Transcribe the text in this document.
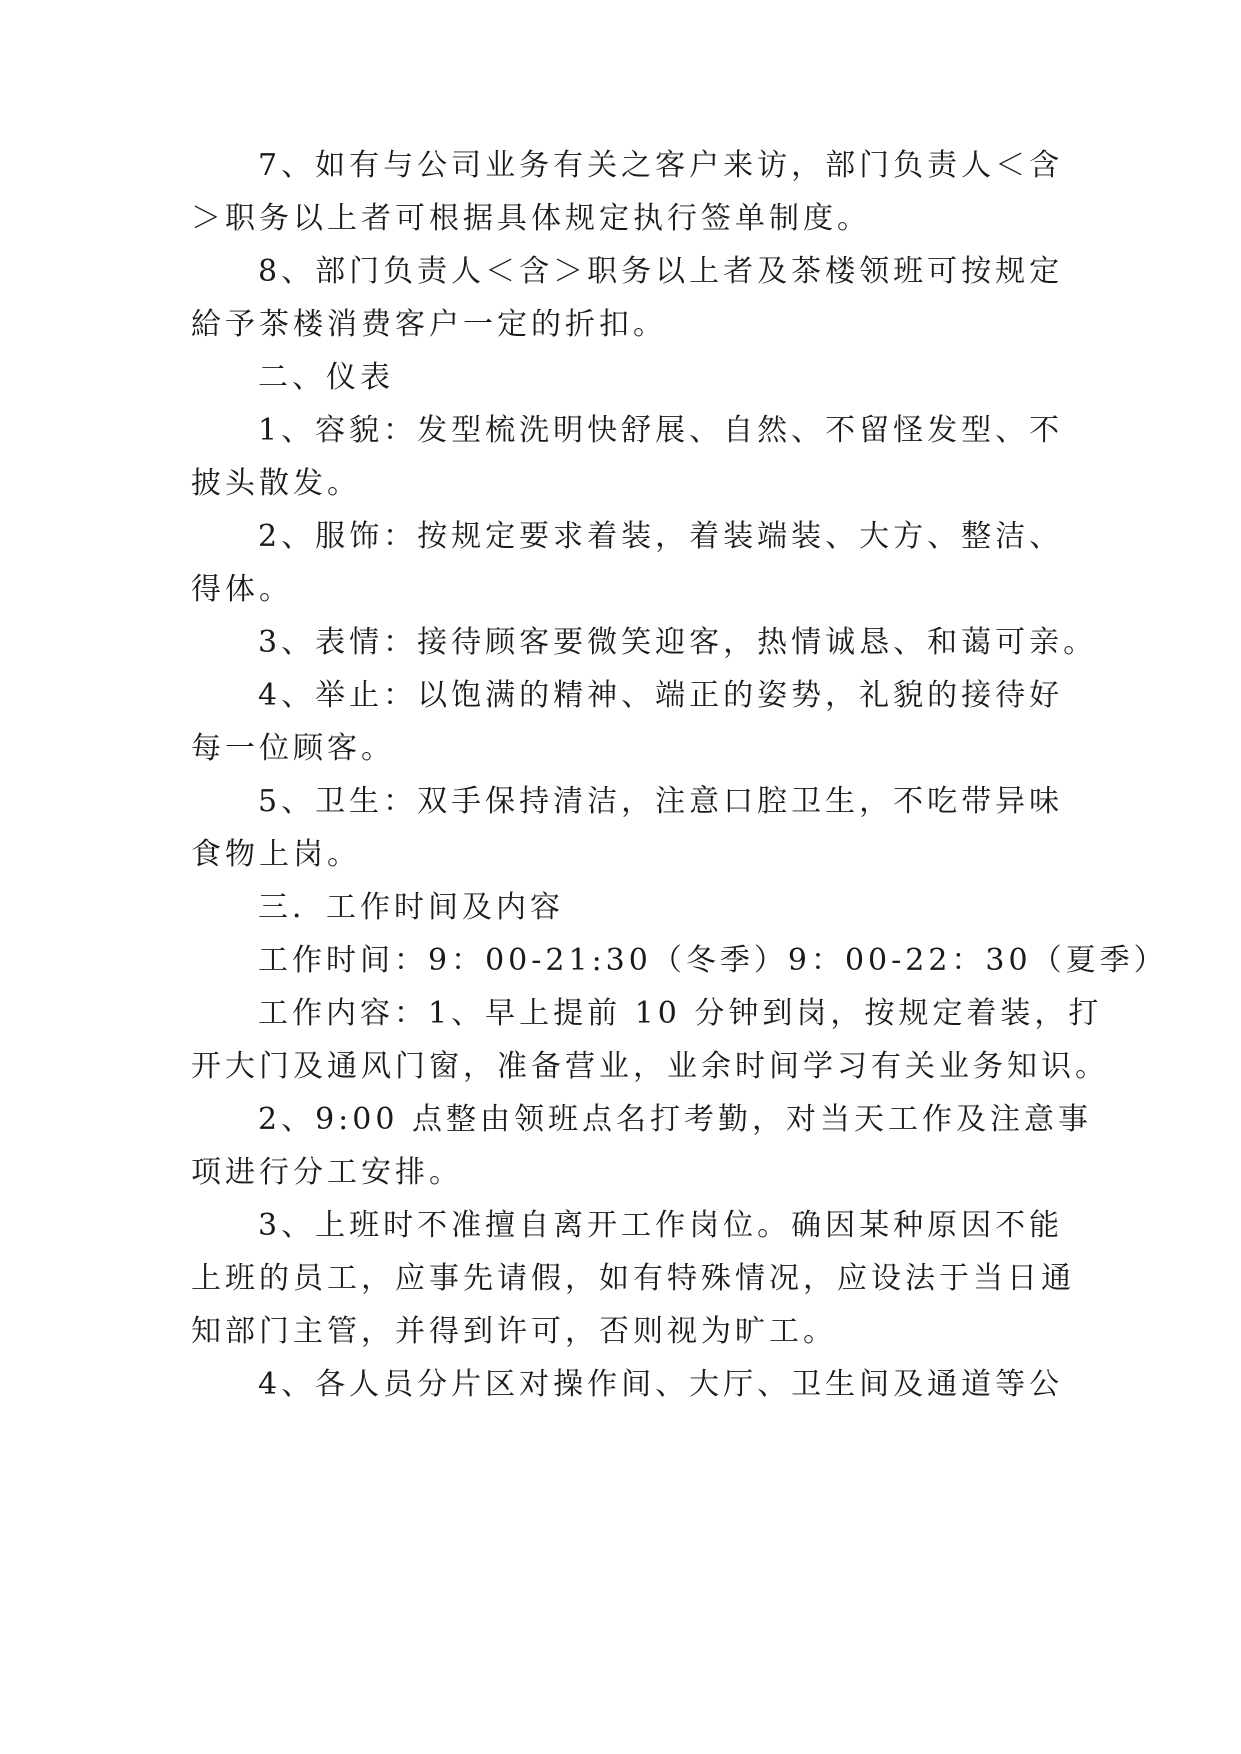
7、如有与公司业务有关之客户来访，部门负责人＜含

＞职务以上者可根据具体规定执行签单制度。

8、部门负责人＜含＞职务以上者及茶楼领班可按规定

給予茶楼消费客户一定的折扣。

二、仪表

1、容貌：发型梳洗明快舒展、自然、不留怪发型、不

披头散发。

2、服饰：按规定要求着装，着装端装、大方、整洁、

得体。

3、表情：接待顾客要微笑迎客，热情诚恳、和蔼可亲。

4、举止：以饱满的精神、端正的姿势，礼貌的接待好

每一位顾客。

5、卫生：双手保持清洁，注意口腔卫生，不吃带异味

食物上岗。

三．工作时间及内容

工作时间：9：00-21:30（冬季）9：00-22：30（夏季）

工作内容：1、早上提前 10 分钟到岗，按规定着装，打

开大门及通风门窗，准备营业，业余时间学习有关业务知识。

2、9:00 点整由领班点名打考勤，对当天工作及注意事

项进行分工安排。

3、上班时不准擅自离开工作岗位。确因某种原因不能

上班的员工，应事先请假，如有特殊情况，应设法于当日通

知部门主管，并得到许可，否则视为旷工。

4、各人员分片区对操作间、大厅、卫生间及通道等公
